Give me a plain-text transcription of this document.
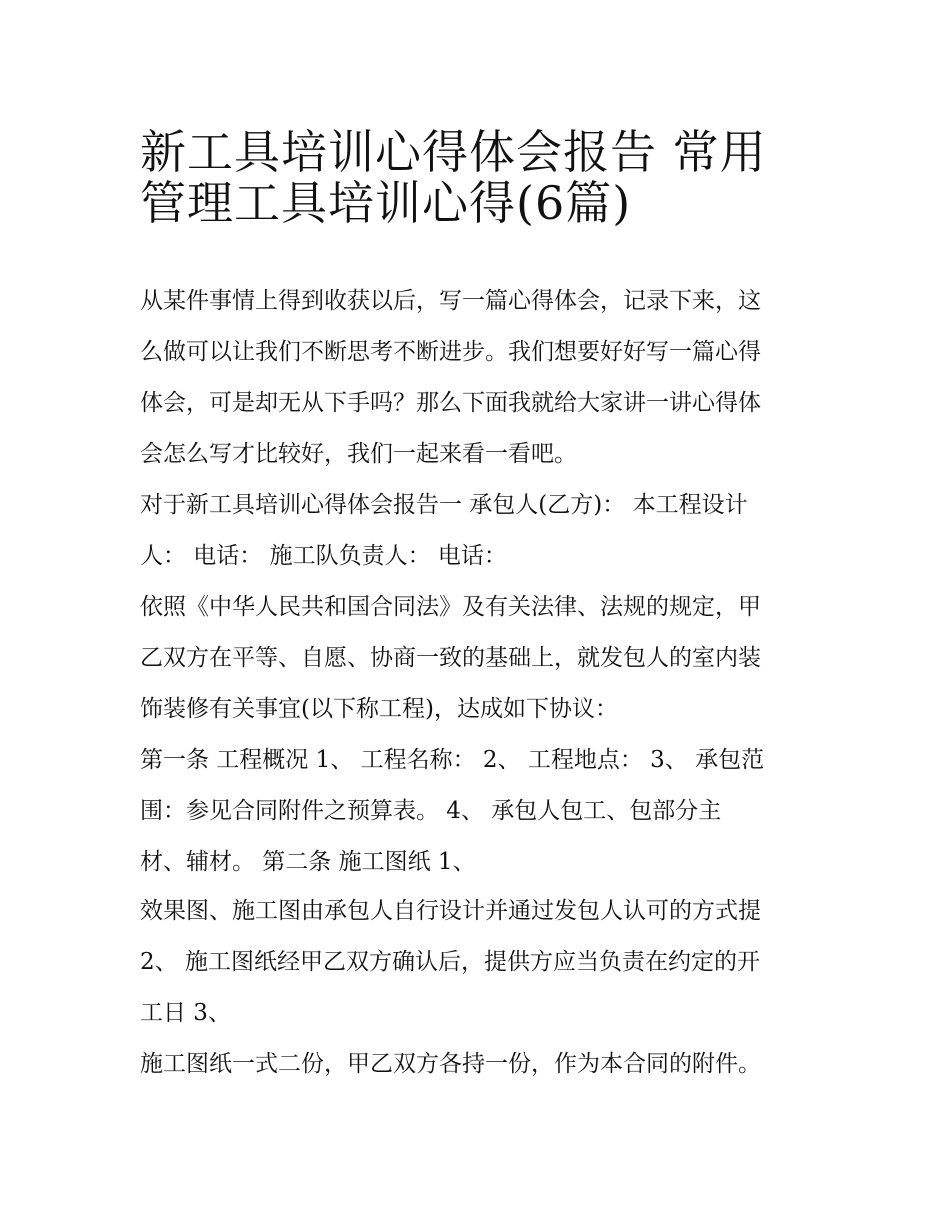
新工具培训心得体会报告 常用
管理工具培训心得(6篇)
从某件事情上得到收获以后，写一篇心得体会，记录下来，这
么做可以让我们不断思考不断进步。我们想要好好写一篇心得
体会，可是却无从下手吗？那么下面我就给大家讲一讲心得体
会怎么写才比较好，我们一起来看一看吧。
对于新工具培训心得体会报告一 承包人(乙方)： 本工程设计
人： 电话： 施工队负责人： 电话：
依照《中华人民共和国合同法》及有关法律、法规的规定，甲
乙双方在平等、自愿、协商一致的基础上，就发包人的室内装
饰装修有关事宜(以下称工程)，达成如下协议：
第一条 工程概况 1、 工程名称： 2、 工程地点： 3、 承包范
围：参见合同附件之预算表。 4、 承包人包工、包部分主
材、辅材。 第二条 施工图纸 1、
效果图、施工图由承包人自行设计并通过发包人认可的方式提
2、 施工图纸经甲乙双方确认后，提供方应当负责在约定的开
工日 3、
施工图纸一式二份，甲乙双方各持一份，作为本合同的附件。
